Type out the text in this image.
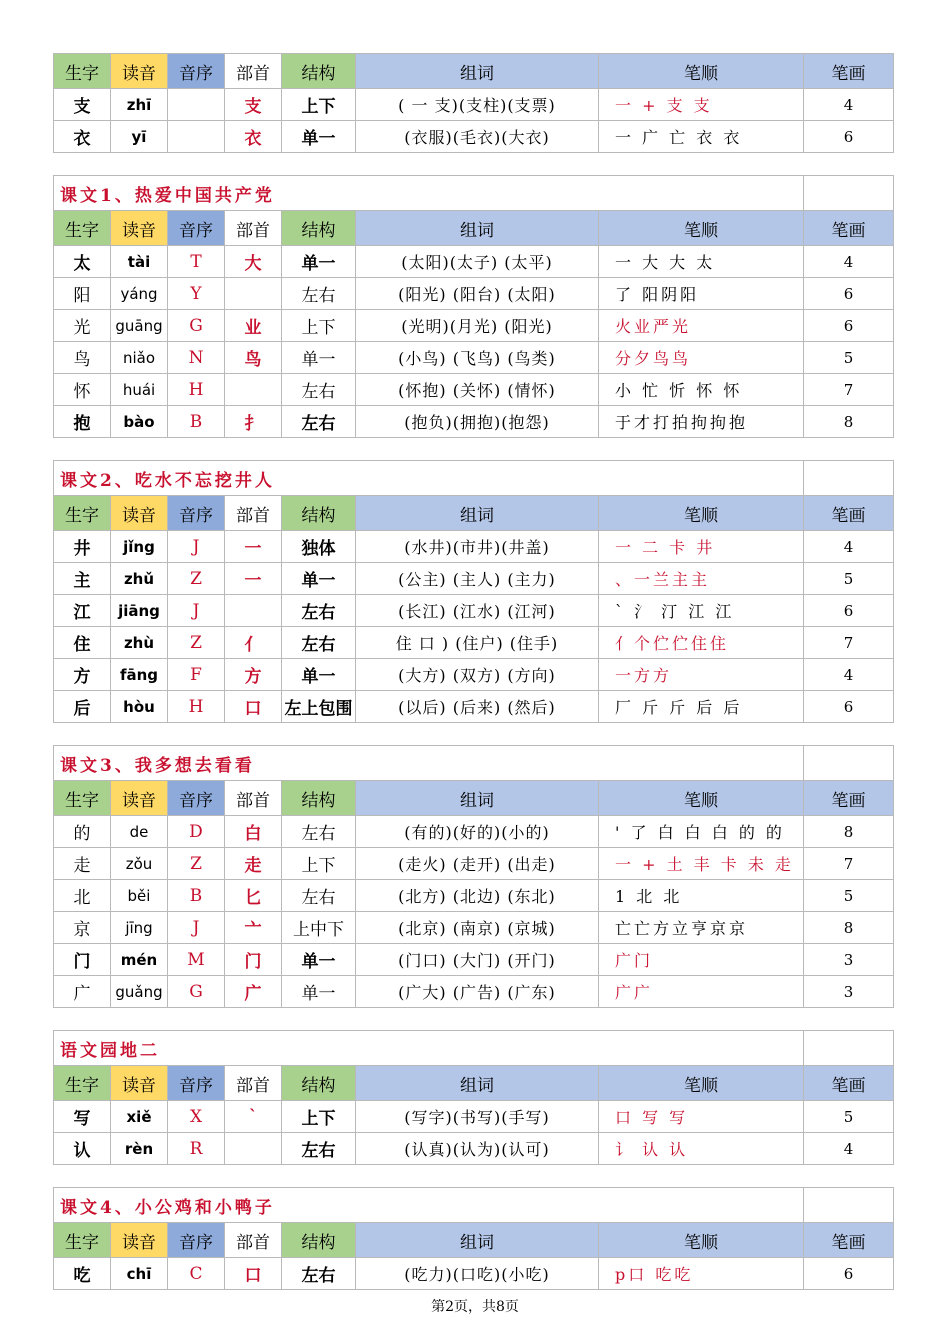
生字	读音	音序	部首	结构	组词	笔顺	笔画
支	zhī		支	上下	( 一 支)(支柱)(支票)	一 + 支 支	4
衣	yī		衣	单一	(衣服)(毛衣)(大衣)	一 广 亡 衣 衣	6
课文1、热爱中国共产党							
生字	读音	音序	部首	结构	组词	笔顺	笔画
太	tài	T	大	单一	(太阳)(太子) (太平)	一 大 大 太	4
阳	yáng	Y		左右	(阳光) (阳台) (太阳)	了 阳阴阳	6
光	guāng	G	业	上下	(光明)(月光) (阳光)	火业严光	6
鸟	niǎo	N	鸟	单一	(小鸟) (飞鸟) (鸟类)	分夕鸟鸟	5
怀	huái	H		左右	(怀抱) (关怀) (情怀)	小 忙 忻 怀 怀	7
抱	bào	B	扌	左右	(抱负)(拥抱)(抱怨)	于才打拍拘拘抱	8
课文2、吃水不忘挖井人							
生字	读音	音序	部首	结构	组词	笔顺	笔画
井	jǐng	J	一	独体	(水井)(市井)(井盖)	一 二 卡 井	4
主	zhǔ	Z	一	单一	(公主) (主人) (主力)	、一兰主主	5
江	jiāng	J		左右	(长江) (江水) (江河)	` 氵 汀 江 江	6
住	zhù	Z	亻	左右	住 口 ) (住户) (住手)	亻个伫伫住住	7
方	fāng	F	方	单一	(大方) (双方) (方向)	一方方	4
后	hòu	H	口	左上包围	(以后) (后来) (然后)	厂 斤 斤 后 后	6
课文3、我多想去看看							
生字	读音	音序	部首	结构	组词	笔顺	笔画
的	de	D	白	左右	(有的)(好的)(小的)	' 了 白 白 白 的 的	8
走	zǒu	Z	走	上下	(走火) (走开) (出走)	一 + 土 丰 卡 未 走	7
北	běi	B	匕	左右	(北方) (北边) (东北)	1 北 北	5
京	jīng	J	亠	上中下	(北京) (南京) (京城)	亡亡方立亨京京	8
门	mén	M	门	单一	(门口) (大门) (开门)	广门	3
广	guǎng	G	广	单一	(广大) (广告) (广东)	广广	3
语文园地二							
生字	读音	音序	部首	结构	组词	笔顺	笔画
写	xiě	X	`	上下	(写字)(书写)(手写)	口 写 写	5
认	rèn	R		左右	(认真)(认为)(认可)	讠 认 认	4
课文4、小公鸡和小鸭子							
生字	读音	音序	部首	结构	组词	笔顺	笔画
吃	chī	C	口	左右	(吃力)(口吃)(小吃)	p口 吃吃	6
第2页，共8页
